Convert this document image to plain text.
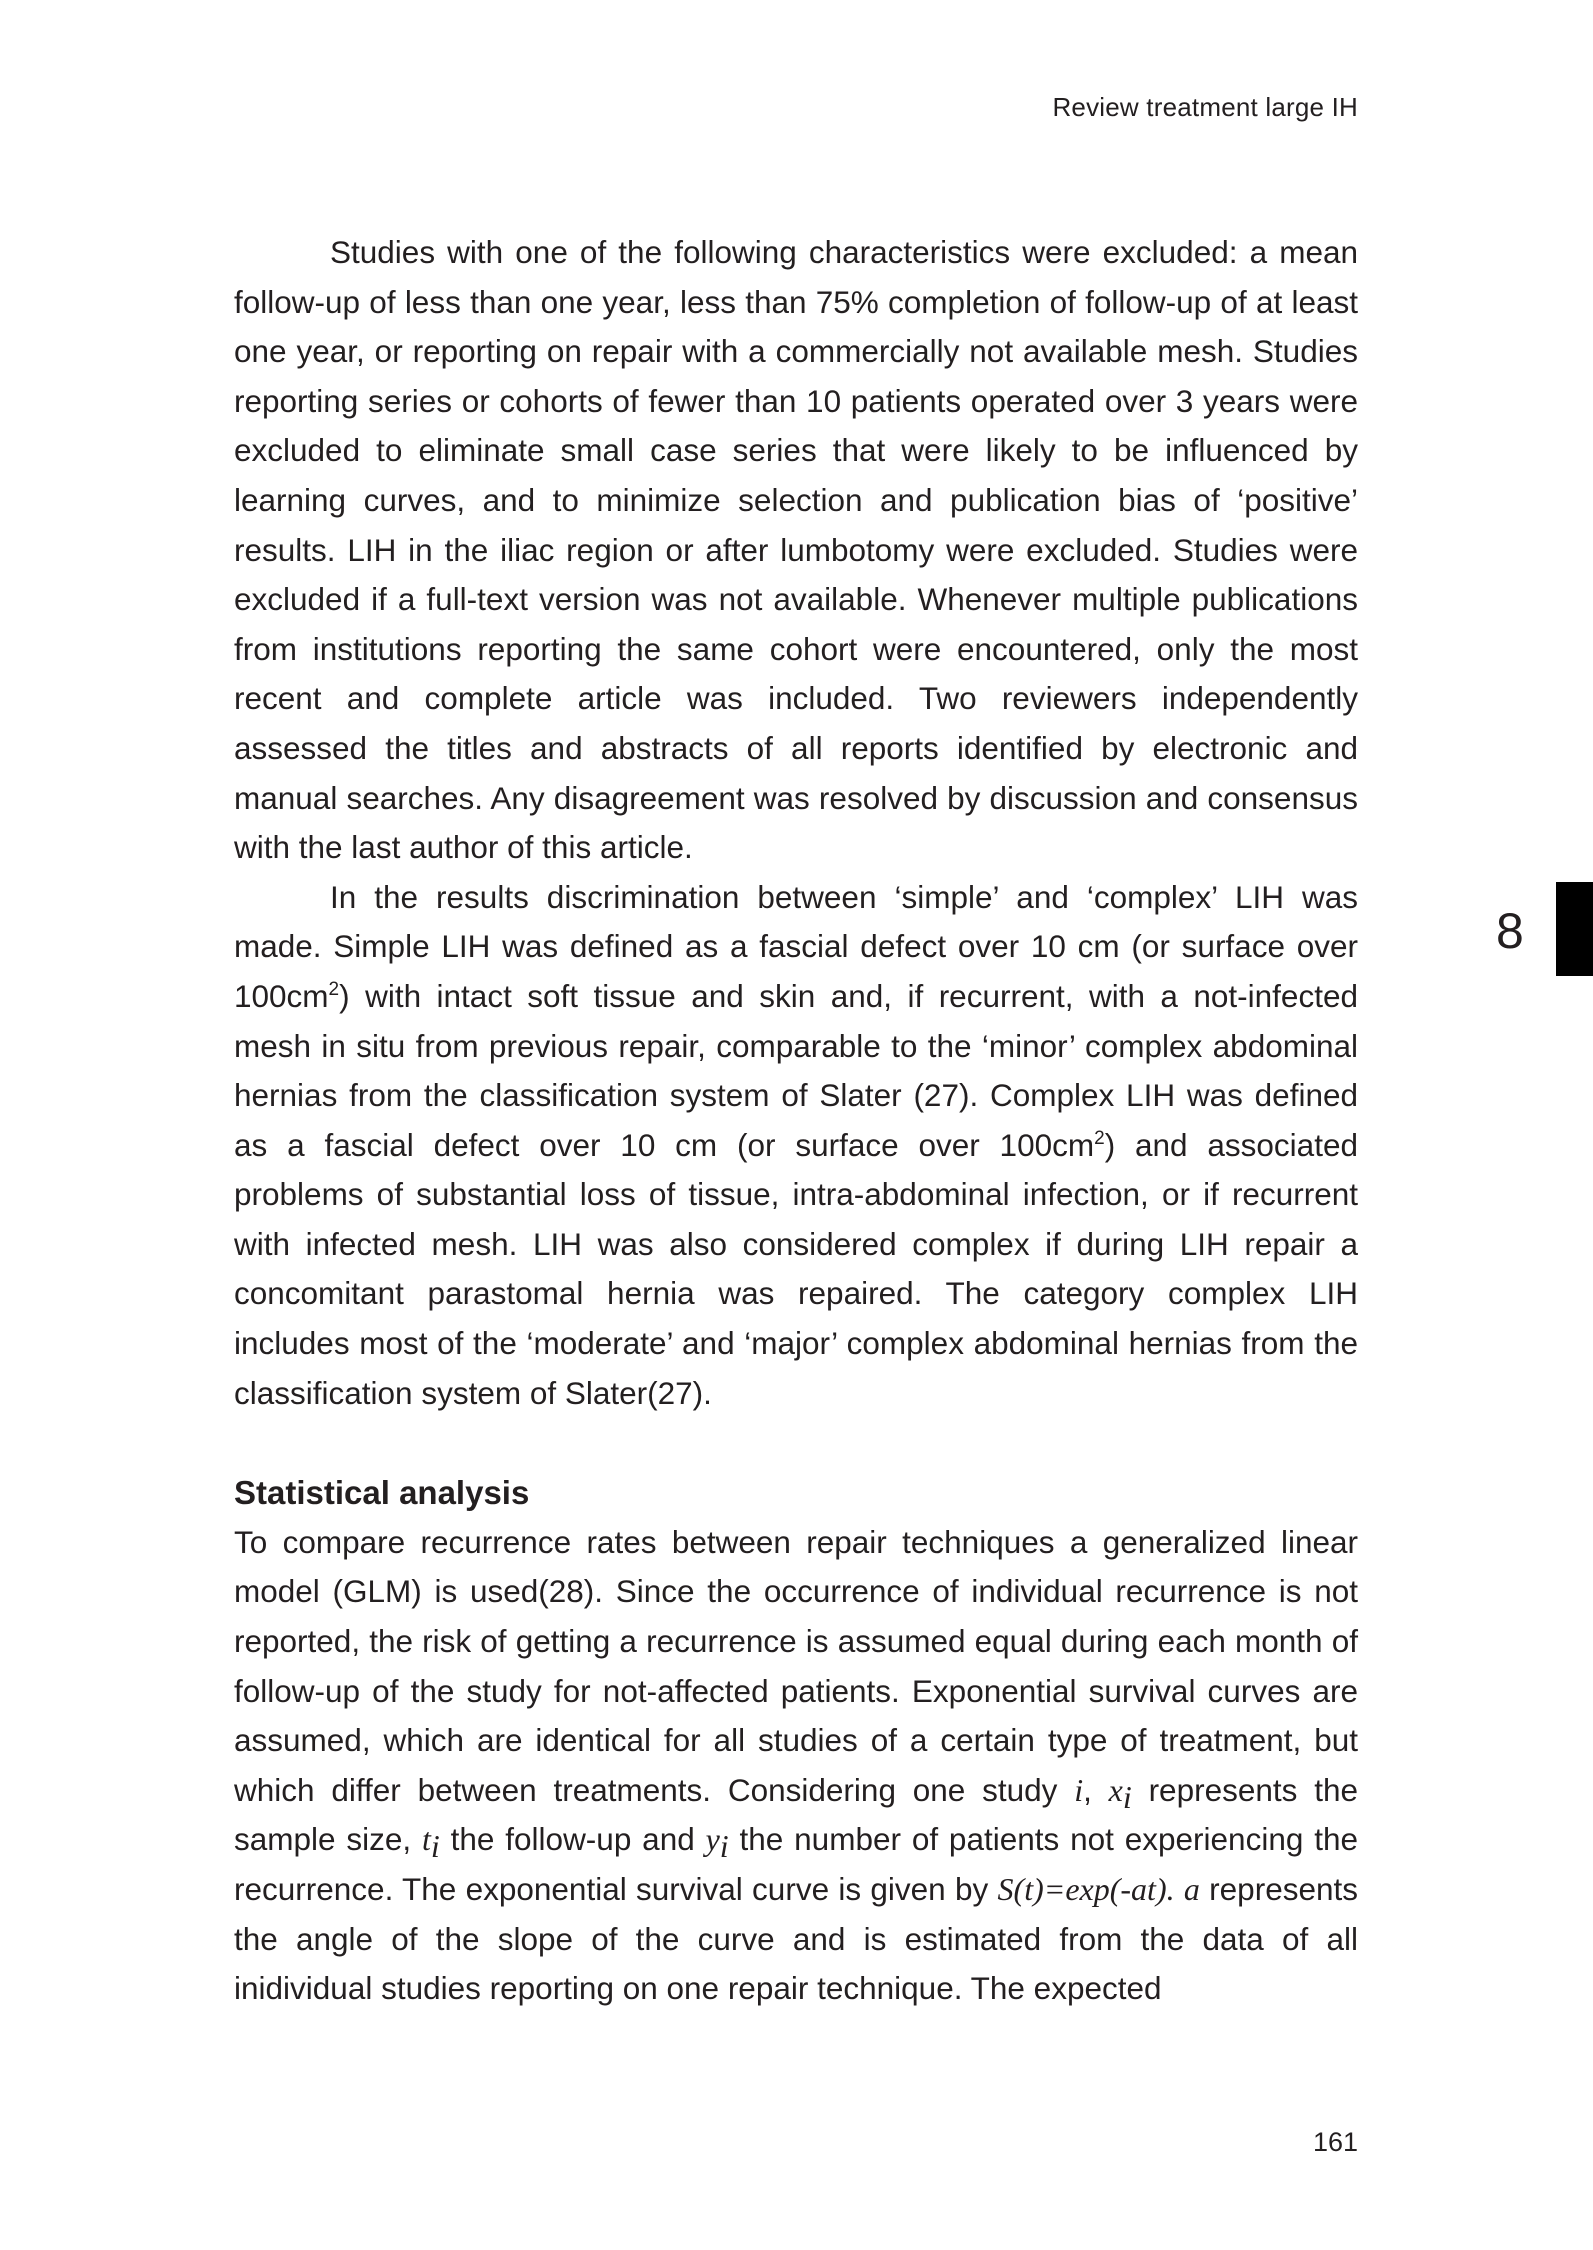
Review treatment large IH

Studies with one of the following characteristics were excluded: a mean follow-up of less than one year, less than 75% completion of follow-up of at least one year, or reporting on repair with a commercially not available mesh. Studies reporting series or cohorts of fewer than 10 patients operated over 3 years were excluded to eliminate small case series that were likely to be influenced by learning curves, and to minimize selection and publication bias of ‘positive’ results. LIH in the iliac region or after lumbotomy were excluded. Studies were excluded if a full-text version was not available. Whenever multiple publications from institutions reporting the same cohort were encountered, only the most recent and complete article was included. Two reviewers independently assessed the titles and abstracts of all reports identified by electronic and manual searches. Any disagreement was resolved by discussion and consensus with the last author of this article.

In the results discrimination between ‘simple’ and ‘complex’ LIH was made. Simple LIH was defined as a fascial defect over 10 cm (or surface over $100cm^2$) with intact soft tissue and skin and, if recurrent, with a not-infected mesh in situ from previous repair, comparable to the ‘minor’ complex abdominal hernias from the classification system of Slater (27). Complex LIH was defined as a fascial defect over 10 cm (or surface over $100cm^2$) and associated problems of substantial loss of tissue, intra-abdominal infection, or if recurrent with infected mesh. LIH was also considered complex if during LIH repair a concomitant parastomal hernia was repaired. The category complex LIH includes most of the ‘moderate’ and ‘major’ complex abdominal hernias from the classification system of Slater(27).

Statistical analysis

To compare recurrence rates between repair techniques a generalized linear model (GLM) is used(28). Since the occurrence of individual recurrence is not reported, the risk of getting a recurrence is assumed equal during each month of follow-up of the study for not-affected patients. Exponential survival curves are assumed, which are identical for all studies of a certain type of treatment, but which differ between treatments. Considering one study i, $x_i$ represents the sample size, $t_i$ the follow-up and $y_i$ the number of patients not experiencing the recurrence. The exponential survival curve is given by S(t)=exp(-at). a represents the angle of the slope of the curve and is estimated from the data of all inidividual studies reporting on one repair technique. The expected

8
161
